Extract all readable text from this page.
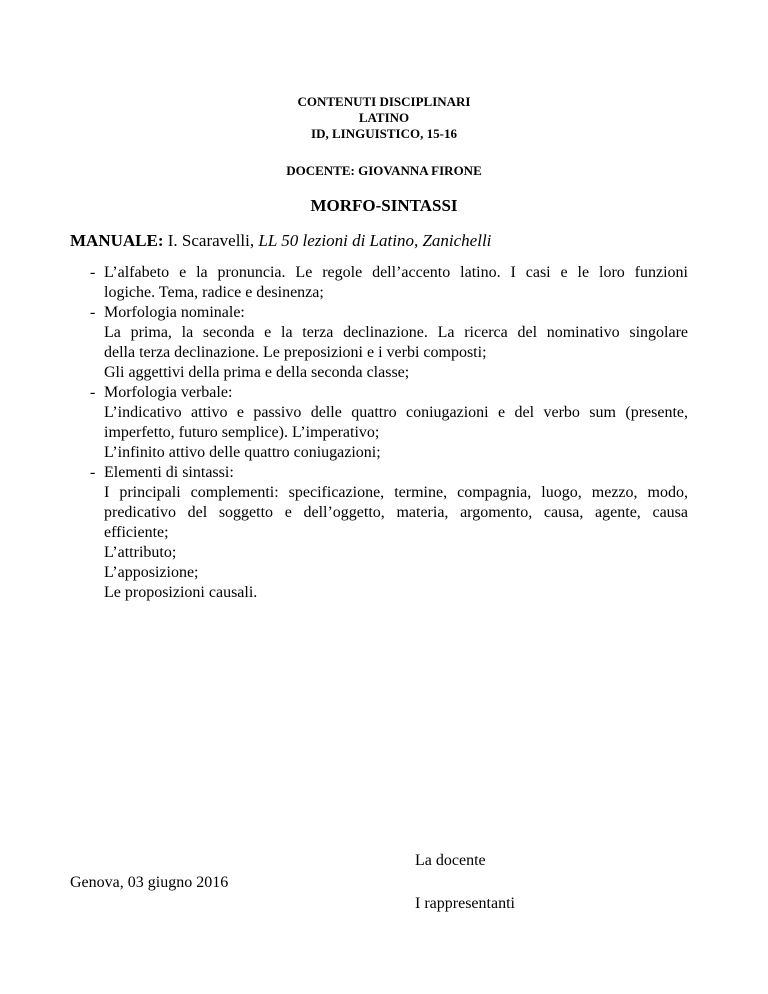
CONTENUTI DISCIPLINARI
LATINO
ID, LINGUISTICO, 15-16
DOCENTE: GIOVANNA FIRONE
MORFO-SINTASSI
MANUALE: I. Scaravelli, LL 50 lezioni di Latino, Zanichelli
- L’alfabeto e la pronuncia. Le regole dell’accento latino. I casi e le loro funzioni
logiche. Tema, radice e desinenza;
- Morfologia nominale:
La prima, la seconda e la terza declinazione. La ricerca del nominativo singolare
della terza declinazione. Le preposizioni e i verbi composti;
Gli aggettivi della prima e della seconda classe;
- Morfologia verbale:
L’indicativo attivo e passivo delle quattro coniugazioni e del verbo sum (presente,
imperfetto, futuro semplice). L’imperativo;
L’infinito attivo delle quattro coniugazioni;
- Elementi di sintassi:
I principali complementi: specificazione, termine, compagnia, luogo, mezzo, modo,
predicativo del soggetto e dell’oggetto, materia, argomento, causa, agente, causa
efficiente;
L’attributo;
L’apposizione;
Le proposizioni causali.
La docente
Genova, 03 giugno 2016
I rappresentanti
